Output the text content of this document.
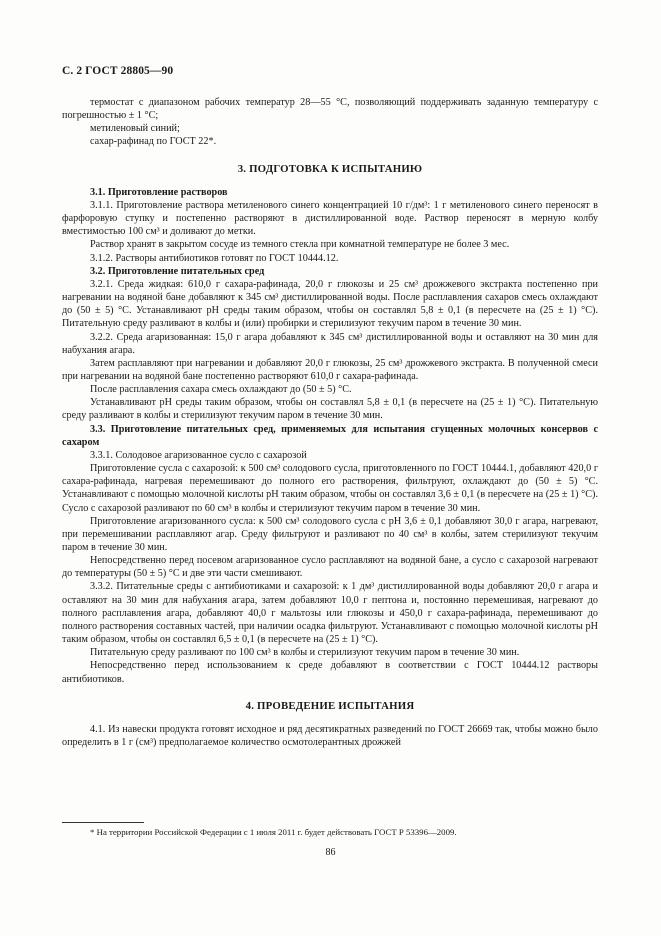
С. 2 ГОСТ 28805—90

термостат с диапазоном рабочих температур 28—55 °С, позволяющий поддерживать заданную температуру с погрешностью ± 1 °С;

метиленовый синий;

сахар-рафинад по ГОСТ 22*.

3. ПОДГОТОВКА К ИСПЫТАНИЮ

3.1. Приготовление растворов

3.1.1. Приготовление раствора метиленового синего концентрацией 10 г/дм³: 1 г метиленового синего переносят в фарфоровую ступку и постепенно растворяют в дистиллированной воде. Раствор переносят в мерную колбу вместимостью 100 см³ и доливают до метки.

Раствор хранят в закрытом сосуде из темного стекла при комнатной температуре не более 3 мес.

3.1.2. Растворы антибиотиков готовят по ГОСТ 10444.12.

3.2. Приготовление питательных сред

3.2.1. Среда жидкая: 610,0 г сахара-рафинада, 20,0 г глюкозы и 25 см³ дрожжевого экстракта постепенно при нагревании на водяной бане добавляют к 345 см³ дистиллированной воды. После расплавления сахаров смесь охлаждают до (50 ± 5) °С. Устанавливают pH среды таким образом, чтобы он составлял 5,8 ± 0,1 (в пересчете на (25 ± 1) °С). Питательную среду разливают в колбы и (или) пробирки и стерилизуют текучим паром в течение 30 мин.

3.2.2. Среда агаризованная: 15,0 г агара добавляют к 345 см³ дистиллированной воды и оставляют на 30 мин для набухания агара.

Затем расплавляют при нагревании и добавляют 20,0 г глюкозы, 25 см³ дрожжевого экстракта. В полученной смеси при нагревании на водяной бане постепенно растворяют 610,0 г сахара-рафинада.

После расплавления сахара смесь охлаждают до (50 ± 5) °С.

Устанавливают pH среды таким образом, чтобы он составлял 5,8 ± 0,1 (в пересчете на (25 ± 1) °С). Питательную среду разливают в колбы и стерилизуют текучим паром в течение 30 мин.

3.3. Приготовление питательных сред, применяемых для испытания сгущенных молочных консервов с сахаром

3.3.1. Солодовое агаризованное сусло с сахарозой

Приготовление сусла с сахарозой: к 500 см³ солодового сусла, приготовленного по ГОСТ 10444.1, добавляют 420,0 г сахара-рафинада, нагревая перемешивают до полного его растворения, фильтруют, охлаждают до (50 ± 5) °С. Устанавливают с помощью молочной кислоты pH таким образом, чтобы он составлял 3,6 ± 0,1 (в пересчете на (25 ± 1) °С). Сусло с сахарозой разливают по 60 см³ в колбы и стерилизуют текучим паром в течение 30 мин.

Приготовление агаризованного сусла: к 500 см³ солодового сусла с pH 3,6 ± 0,1 добавляют 30,0 г агара, нагревают, при перемешивании расплавляют агар. Среду фильтруют и разливают по 40 см³ в колбы, затем стерилизуют текучим паром в течение 30 мин.

Непосредственно перед посевом агаризованное сусло расплавляют на водяной бане, а сусло с сахарозой нагревают до температуры (50 ± 5) °С и две эти части смешивают.

3.3.2. Питательные среды с антибиотиками и сахарозой: к 1 дм³ дистиллированной воды добавляют 20,0 г агара и оставляют на 30 мин для набухания агара, затем добавляют 10,0 г пептона и, постоянно перемешивая, нагревают до полного расплавления агара, добавляют 40,0 г мальтозы или глюкозы и 450,0 г сахара-рафинада, перемешивают до полного растворения составных частей, при наличии осадка фильтруют. Устанавливают с помощью молочной кислоты pH таким образом, чтобы он составлял 6,5 ± 0,1 (в пересчете на (25 ± 1) °С).

Питательную среду разливают по 100 см³ в колбы и стерилизуют текучим паром в течение 30 мин.

Непосредственно перед использованием к среде добавляют в соответствии с ГОСТ 10444.12 растворы антибиотиков.

4. ПРОВЕДЕНИЕ ИСПЫТАНИЯ

4.1. Из навески продукта готовят исходное и ряд десятикратных разведений по ГОСТ 26669 так, чтобы можно было определить в 1 г (см³) предполагаемое количество осмотолерантных дрожжей

* На территории Российской Федерации с 1 июля 2011 г. будет действовать ГОСТ Р 53396—2009.
86
